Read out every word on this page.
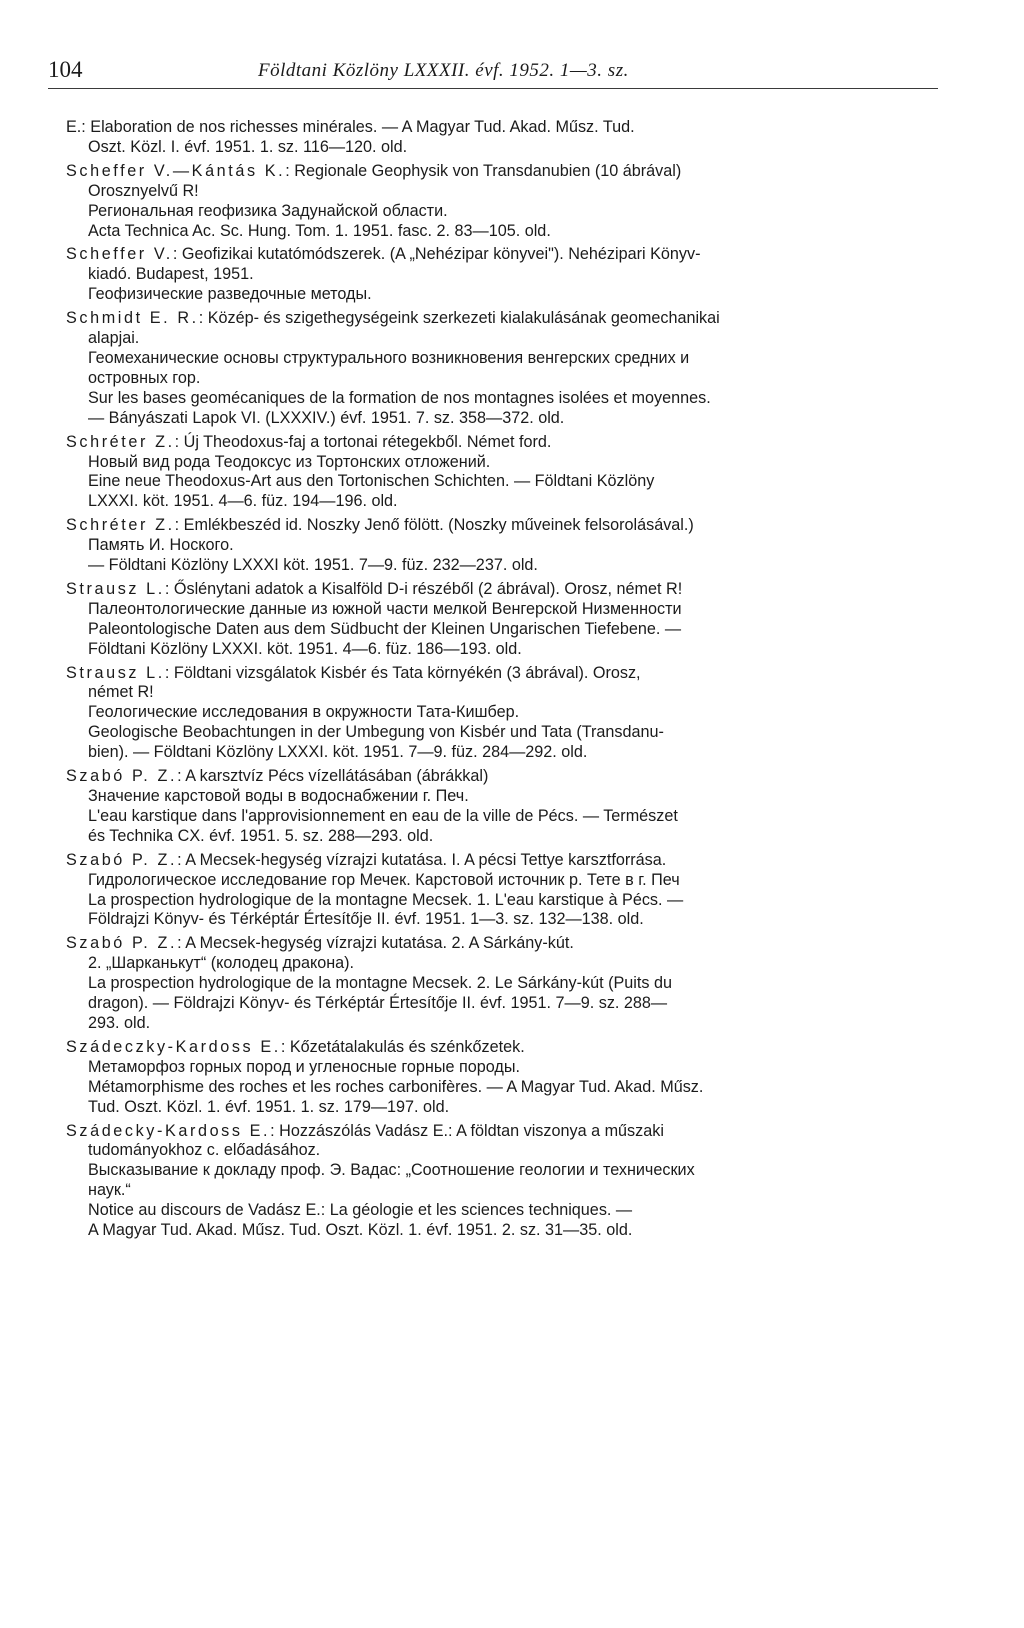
104	Földtani Közlöny LXXXII. évf. 1952. 1—3. sz.
E.: Elaboration de nos richesses minérales. — A Magyar Tud. Akad. Műsz. Tud.
Oszt. Közl. I. évf. 1951. 1. sz. 116—120. old.
Scheffer V.—Kántás K.: Regionale Geophysik von Transdanubien (10 ábrával)
Orosznyelvű R!
Региональная геофизика Задунайской области.
Acta Technica Ac. Sc. Hung. Tom. 1. 1951. fasc. 2. 83—105. old.
Scheffer V.: Geofizikai kutatómódszerek. (A „Nehézipar könyvei"). Nehézipari Könyv-
kiadó. Budapest, 1951.
Геофизические разведочные методы.
Schmidt E. R.: Közép- és szigethegységeink szerkezeti kialakulásának geomechanikai
alapjai.
Геомеханические основы структурального возникновения венгерских средних и
островных гор.
Sur les bases geomécaniques de la formation de nos montagnes isolées et moyennes.
— Bányászati Lapok VI. (LXXXIV.) évf. 1951. 7. sz. 358—372. old.
Schréter Z.: Új Theodoxus-faj a tortonai rétegekből. Német ford.
Новый вид рода Теодоксус из Тортонских отложений.
Eine neue Theodoxus-Art aus den Tortonischen Schichten. — Földtani Közlöny
LXXXI. köt. 1951. 4—6. füz. 194—196. old.
Schréter Z.: Emlékbeszéd id. Noszky Jenő fölött. (Noszky műveinek felsorolásával.)
Память И. Ноского.
— Földtani Közlöny LXXXI köt. 1951. 7—9. füz. 232—237. old.
Strausz L.: Őslénytani adatok a Kisalföld D-i részéből (2 ábrával). Orosz, német R!
Палеонтологические данные из южной части мелкой Венгерской Низменности
Paleontologische Daten aus dem Südbucht der Kleinen Ungarischen Tiefebene. —
Földtani Közlöny LXXXI. köt. 1951. 4—6. füz. 186—193. old.
Strausz L.: Földtani vizsgálatok Kisbér és Tata környékén (3 ábrával). Orosz,
német R!
Геологические исследования в окружности Тата-Кишбер.
Geologische Beobachtungen in der Umbegung von Kisbér und Tata (Transdanu-
bien). — Földtani Közlöny LXXXI. köt. 1951. 7—9. füz. 284—292. old.
Szabó P. Z.: A karsztvíz Pécs vízellátásában (ábrákkal)
Значение карстовой воды в водоснабжении г. Печ.
L'eau karstique dans l'approvisionnement en eau de la ville de Pécs. — Természet
és Technika CX. évf. 1951. 5. sz. 288—293. old.
Szabó P. Z.: A Mecsek-hegység vízrajzi kutatása. I. A pécsi Tettye karsztforrása.
Гидрологическое исследование гор Мечек. Карстовой источник р. Тете в г. Печ
La prospection hydrologique de la montagne Mecsek. 1. L'eau karstique à Pécs. —
Földrajzi Könyv- és Térképtár Értesítője II. évf. 1951. 1—3. sz. 132—138. old.
Szabó P. Z.: A Mecsek-hegység vízrajzi kutatása. 2. A Sárkány-kút.
2. „Шарканькут“ (колодец дракона).
La prospection hydrologique de la montagne Mecsek. 2. Le Sárkány-kút (Puits du
dragon). — Földrajzi Könyv- és Térképtár Értesítője II. évf. 1951. 7—9. sz. 288—
293. old.
Szádeczky-Kardoss E.: Kőzetátalakulás és szénkőzetek.
Метаморфоз горных пород и угленосные горные породы.
Métamorphisme des roches et les roches carbonifères. — A Magyar Tud. Akad. Műsz.
Tud. Oszt. Közl. 1. évf. 1951. 1. sz. 179—197. old.
Szádecky-Kardoss E.: Hozzászólás Vadász E.: A földtan viszonya a műszaki
tudományokhoz c. előadásához.
Высказывание к докладу проф. Э. Вадас: „Соотношение геологии и технических
наук.“
Notice au discours de Vadász E.: La géologie et les sciences techniques. —
A Magyar Tud. Akad. Műsz. Tud. Oszt. Közl. 1. évf. 1951. 2. sz. 31—35. old.
